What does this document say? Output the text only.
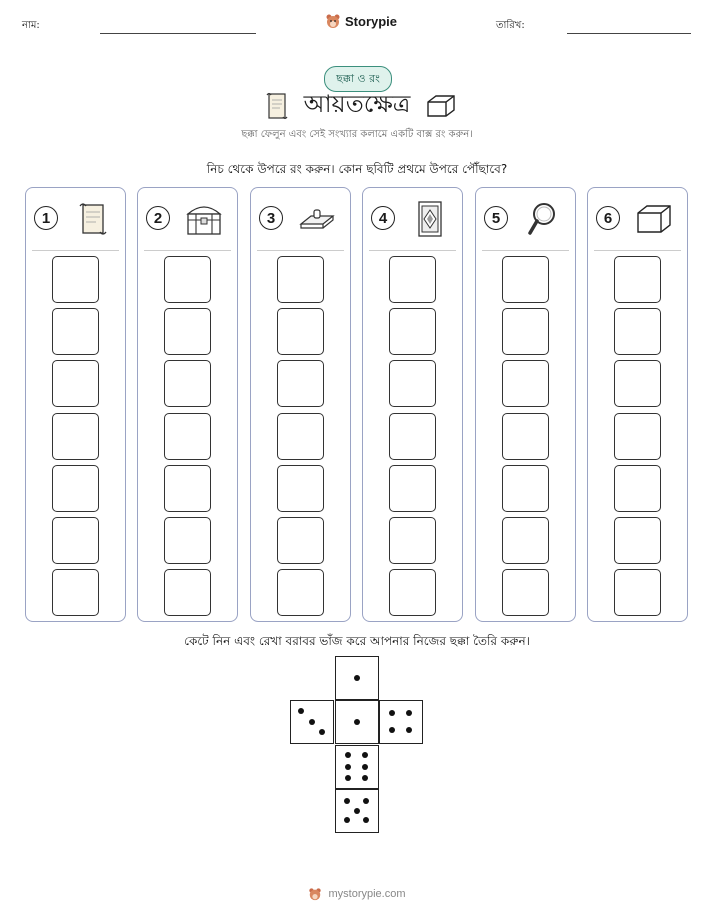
নাম:	Storypie	তারিখ:
ছক্কা ও রং
আয়তক্ষেত্র
ছক্কা ফেলুন এবং সেই সংখ্যার কলামে একটি বাক্স রং করুন।
নিচ থেকে উপরে রং করুন। কোন ছবিটি প্রথমে উপরে পৌঁছাবে?
1	2	3	4	5	6
কেটে নিন এবং রেখা বরাবর ভাঁজ করে আপনার নিজের ছক্কা তৈরি করুন।
mystorypie.com
